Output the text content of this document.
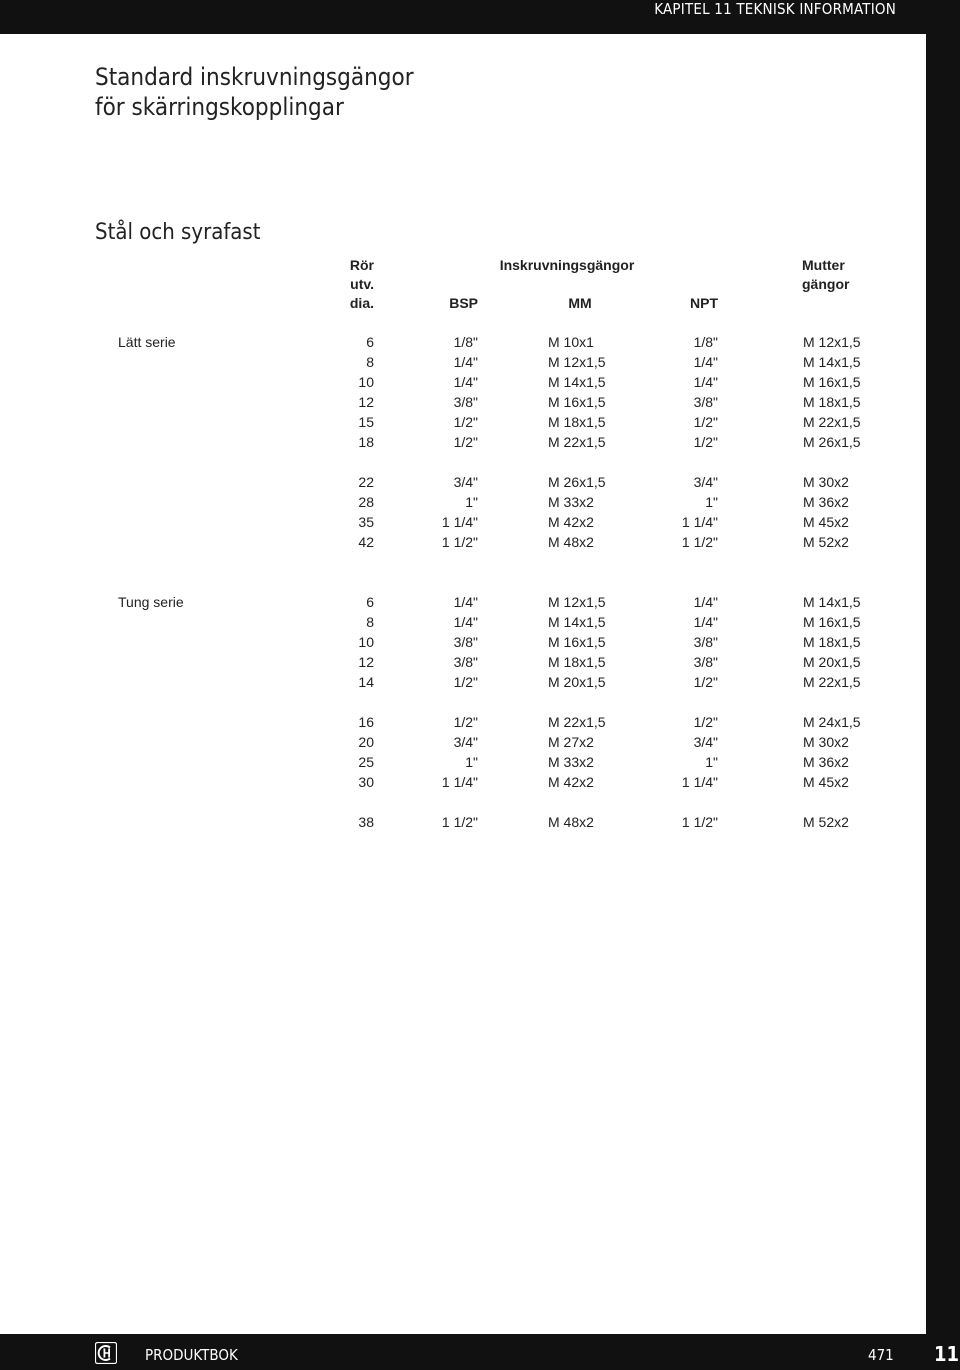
KAPITEL 11 TEKNISK INFORMATION
Standard inskruvningsgängor
för skärringskopplingar
Stål och syrafast
Rör
utv.
dia.
Inskruvningsgängor
BSP	MM	NPT
Mutter
gängor
Lätt serie	6	1/8"	M 10x1	1/8"	M 12x1,5
8	1/4"	M 12x1,5	1/4"	M 14x1,5
10	1/4"	M 14x1,5	1/4"	M 16x1,5
12	3/8"	M 16x1,5	3/8"	M 18x1,5
15	1/2"	M 18x1,5	1/2"	M 22x1,5
18	1/2"	M 22x1,5	1/2"	M 26x1,5
22	3/4"	M 26x1,5	3/4"	M 30x2
28	1"	M 33x2	1"	M 36x2
35	1 1/4"	M 42x2	1 1/4"	M 45x2
42	1 1/2"	M 48x2	1 1/2"	M 52x2
Tung serie	6	1/4"	M 12x1,5	1/4"	M 14x1,5
8	1/4"	M 14x1,5	1/4"	M 16x1,5
10	3/8"	M 16x1,5	3/8"	M 18x1,5
12	3/8"	M 18x1,5	3/8"	M 20x1,5
14	1/2"	M 20x1,5	1/2"	M 22x1,5
16	1/2"	M 22x1,5	1/2"	M 24x1,5
20	3/4"	M 27x2	3/4"	M 30x2
25	1"	M 33x2	1"	M 36x2
30	1 1/4"	M 42x2	1 1/4"	M 45x2
38	1 1/2"	M 48x2	1 1/2"	M 52x2
PRODUKTBOK	471 11
